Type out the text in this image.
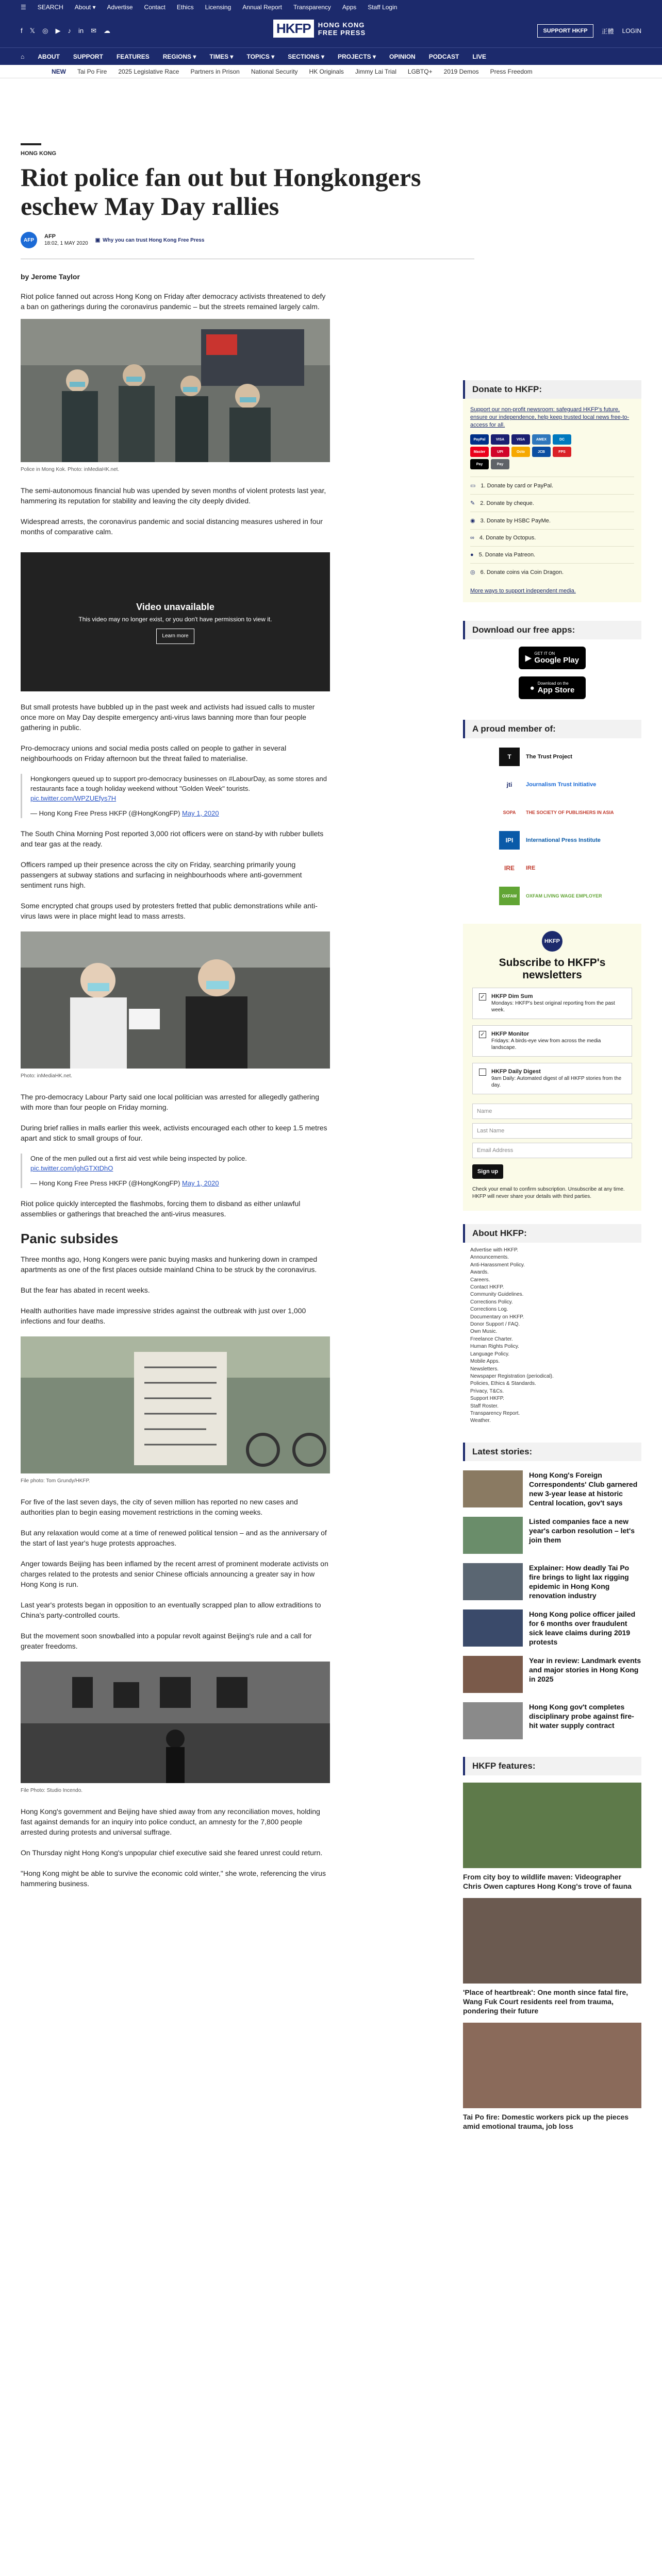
☰ SEARCH About ▾ Advertise Contact Ethics Licensing Annual Report Transparency Apps Staff Login
f 𝕏 ◎ ▶ ♪ in ✉ ☁	HKFP	HONG KONG
FREE PRESS	SUPPORT HKFP	正體 LOGIN
⌂ ABOUT SUPPORT FEATURES REGIONS ▾ TIMES ▾ TOPICS ▾ SECTIONS ▾ PROJECTS ▾ OPINION PODCAST LIVE
NEW Tai Po Fire 2025 Legislative Race Partners in Prison National Security HK Originals Jimmy Lai Trial LGBTQ+ 2019 Demos Press Freedom
HONG KONG
Riot police fan out but Hongkongers eschew May Day rallies
AFP
AFP
18:02, 1 MAY 2020
▣ Why you can trust Hong Kong Free Press
by Jerome Taylor

Riot police fanned out across Hong Kong on Friday after democracy activists threatened to defy a ban on gatherings during the coronavirus pandemic – but the streets remained largely calm.

Police in Mong Kok. Photo: inMediaHK.net.

The semi-autonomous financial hub was upended by seven months of violent protests last year, hammering its reputation for stability and leaving the city deeply divided.

Widespread arrests, the coronavirus pandemic and social distancing measures ushered in four months of comparative calm.

Video unavailable
This video may no longer exist, or you don't have permission to view it.
Learn more

But small protests have bubbled up in the past week and activists had issued calls to muster once more on May Day despite emergency anti-virus laws banning more than four people gathering in public.

Pro-democracy unions and social media posts called on people to gather in several neighbourhoods on Friday afternoon but the threat failed to materialise.

Hongkongers queued up to support pro-democracy businesses on #LabourDay, as some stores and restaurants face a tough holiday weekend without "Golden Week" tourists. pic.twitter.com/WPZUEfys7H
— Hong Kong Free Press HKFP (@HongKongFP) May 1, 2020

The South China Morning Post reported 3,000 riot officers were on stand-by with rubber bullets and tear gas at the ready.

Officers ramped up their presence across the city on Friday, searching primarily young passengers at subway stations and surfacing in neighbourhoods where anti-government sentiment runs high.

Some encrypted chat groups used by protesters fretted that public demonstrations while anti-virus laws were in place might lead to mass arrests.

Photo: inMediaHK.net.

The pro-democracy Labour Party said one local politician was arrested for allegedly gathering with more than four people on Friday morning.

During brief rallies in malls earlier this week, activists encouraged each other to keep 1.5 metres apart and stick to small groups of four.

One of the men pulled out a first aid vest while being inspected by police. pic.twitter.com/ighGTXtDhO
— Hong Kong Free Press HKFP (@HongKongFP) May 1, 2020

Riot police quickly intercepted the flashmobs, forcing them to disband as either unlawful assemblies or gatherings that breached the anti-virus measures.

Panic subsides

Three months ago, Hong Kongers were panic buying masks and hunkering down in cramped apartments as one of the first places outside mainland China to be struck by the coronavirus.

But the fear has abated in recent weeks.

Health authorities have made impressive strides against the outbreak with just over 1,000 infections and four deaths.

File photo: Tom Grundy/HKFP.

For five of the last seven days, the city of seven million has reported no new cases and authorities plan to begin easing movement restrictions in the coming weeks.

But any relaxation would come at a time of renewed political tension – and as the anniversary of the start of last year's huge protests approaches.

Anger towards Beijing has been inflamed by the recent arrest of prominent moderate activists on charges related to the protests and senior Chinese officials announcing a greater say in how Hong Kong is run.

Last year's protests began in opposition to an eventually scrapped plan to allow extraditions to China's party-controlled courts.

But the movement soon snowballed into a popular revolt against Beijing's rule and a call for greater freedoms.

File Photo: Studio Incendo.

Hong Kong's government and Beijing have shied away from any reconciliation moves, holding fast against demands for an inquiry into police conduct, an amnesty for the 7,800 people arrested during protests and universal suffrage.

On Thursday night Hong Kong's unpopular chief executive said she feared unrest could return.

"Hong Kong might be able to survive the economic cold winter," she wrote, referencing the virus hammering business.

Donate to HKFP:
Support our non-profit newsroom: safeguard HKFP's future, ensure our independence, help keep trusted local news free-to-access for all.
PayPal	VISA	VISA	AMEX	DC
Master	UPI	Octo	JCB	FPS
Pay	Pay
▭ 1. Donate by card or PayPal.
✎ 2. Donate by cheque.
◉ 3. Donate by HSBC PayMe.
∞ 4. Donate by Octopus.
● 5. Donate via Patreon.
◎ 6. Donate coins via Coin Dragon.
More ways to support independent media.
Download our free apps:
▶
GET IT ON
Google Play
● Download on the
App Store
A proud member of:
T	The Trust Project
jti	Journalism Trust Initiative
SOPA	THE SOCIETY OF PUBLISHERS IN ASIA
IPI	International Press Institute
IRE	IRE
OXFAM	OXFAM LIVING WAGE EMPLOYER
HKFP
Subscribe to HKFP's newsletters
✓ HKFP Dim Sum
Mondays: HKFP's best original reporting from the past week.
✓ HKFP Monitor
Fridays: A birds-eye view from across the media landscape.
HKFP Daily Digest
9am Daily: Automated digest of all HKFP stories from the day.
Name
Last Name
Email Address
Sign up
Check your email to confirm subscription. Unsubscribe at any time. HKFP will never share your details with third parties.
About HKFP:
Advertise with HKFP.
Announcements.
Anti-Harassment Policy.
Awards.
Careers.
Contact HKFP.
Community Guidelines.
Corrections Policy.
Corrections Log.
Documentary on HKFP.
Donor Support / FAQ.
Own Music.
Freelance Charter.
Human Rights Policy.
Language Policy.
Mobile Apps.
Newsletters.
Newspaper Registration (periodical).
Policies, Ethics & Standards.
Privacy, T&Cs.
Support HKFP.
Staff Roster.
Transparency Report.
Weather.
Latest stories:
Hong Kong's Foreign Correspondents' Club garnered new 3-year lease at historic Central location, gov't says
Listed companies face a new year's carbon resolution – let's join them
Explainer: How deadly Tai Po fire brings to light lax rigging epidemic in Hong Kong renovation industry
Hong Kong police officer jailed for 6 months over fraudulent sick leave claims during 2019 protests
Year in review: Landmark events and major stories in Hong Kong in 2025
Hong Kong gov't completes disciplinary probe against fire-hit water supply contract
HKFP features:
From city boy to wildlife maven: Videographer Chris Owen captures Hong Kong's trove of fauna
'Place of heartbreak': One month since fatal fire, Wang Fuk Court residents reel from trauma, pondering their future
Tai Po fire: Domestic workers pick up the pieces amid emotional trauma, job loss
